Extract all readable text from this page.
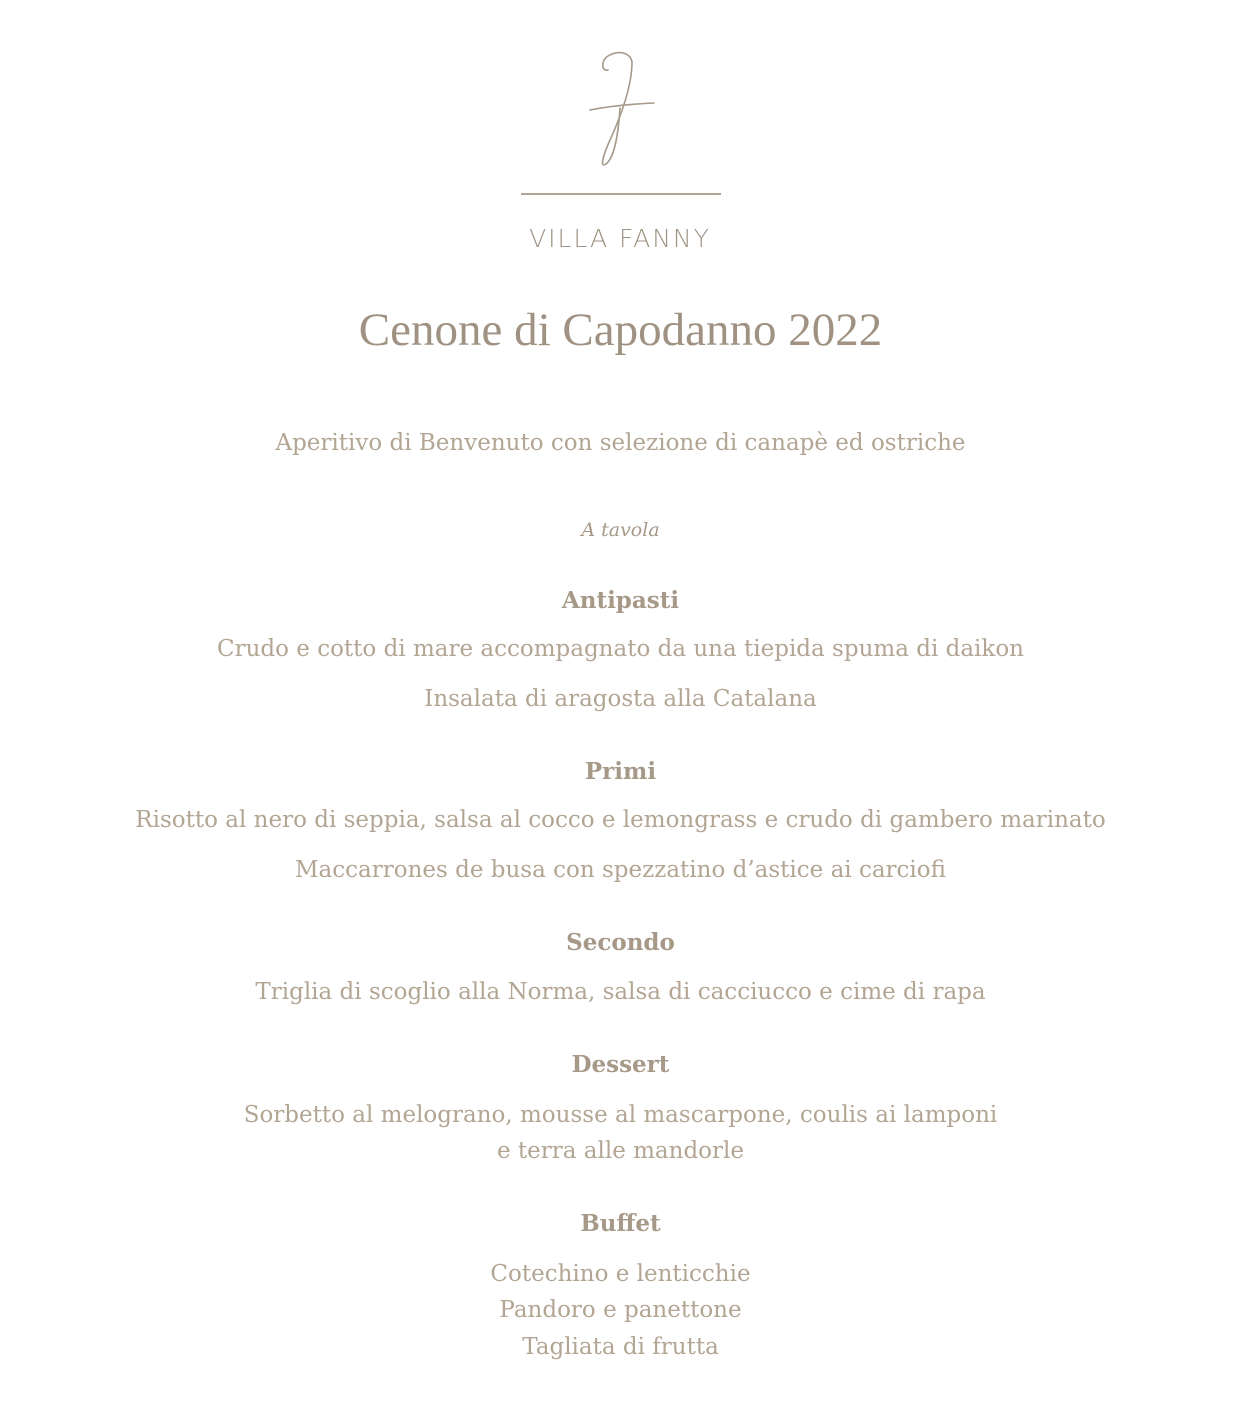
VILLA FANNY
Cenone di Capodanno 2022
Aperitivo di Benvenuto con selezione di canapè ed ostriche
A tavola
Antipasti
Crudo e cotto di mare accompagnato da una tiepida spuma di daikon
Insalata di aragosta alla Catalana
Primi
Risotto al nero di seppia, salsa al cocco e lemongrass e crudo di gambero marinato
Maccarrones de busa con spezzatino d’astice ai carciofi
Secondo
Triglia di scoglio alla Norma, salsa di cacciucco e cime di rapa
Dessert
Sorbetto al melograno, mousse al mascarpone, coulis ai lamponi
e terra alle mandorle
Buffet
Cotechino e lenticchie
Pandoro e panettone
Tagliata di frutta
